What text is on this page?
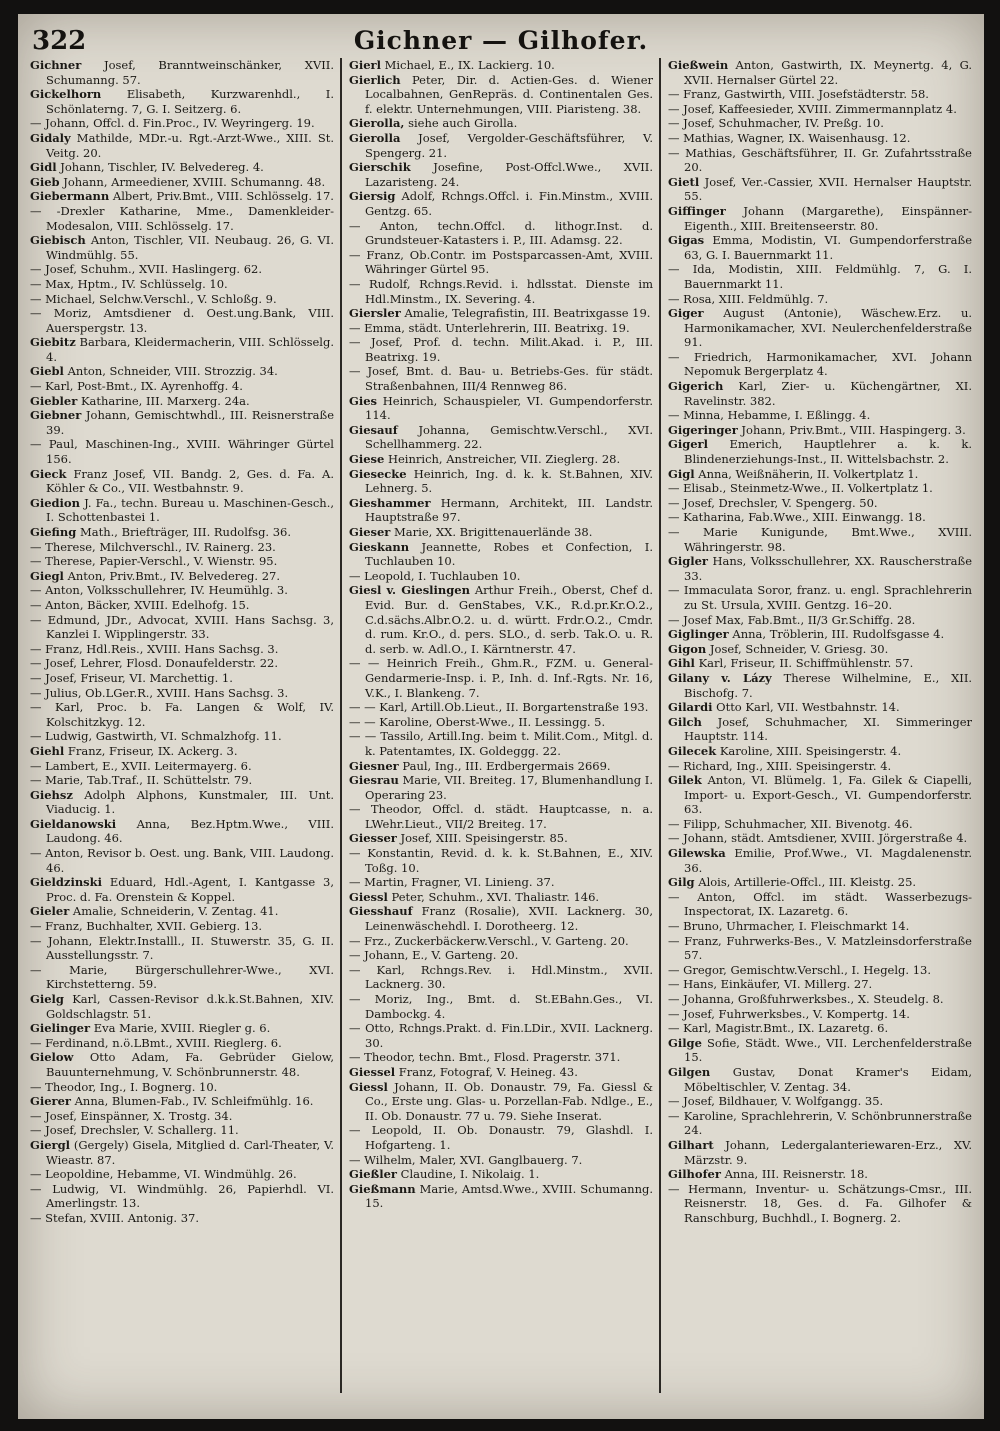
322	Gichner — Gilhofer.

Gichner Josef, Branntweinschänker, XVII. Schumanng. 57.

Gickelhorn Elisabeth, Kurzwarenhdl., I. Schönlaterng. 7, G. I. Seitzerg. 6.

— Johann, Offcl. d. Fin.Proc., IV. Weyringerg. 19.

Gidaly Mathilde, MDr.-u. Rgt.-Arzt-Wwe., XIII. St. Veitg. 20.

Gidl Johann, Tischler, IV. Belvedereg. 4.

Gieb Johann, Armeediener, XVIII. Schumanng. 48.

Giebermann Albert, Priv.Bmt., VIII. Schlösselg. 17.

— -Drexler Katharine, Mme., Damenkleider-Modesalon, VIII. Schlösselg. 17.

Giebisch Anton, Tischler, VII. Neubaug. 26, G. VI. Windmühlg. 55.

— Josef, Schuhm., XVII. Haslingerg. 62.

— Max, Hptm., IV. Schlüsselg. 10.

— Michael, Selchw.Verschl., V. Schloßg. 9.

— Moriz, Amtsdiener d. Oest.ung.Bank, VIII. Auerspergstr. 13.

Giebitz Barbara, Kleidermacherin, VIII. Schlösselg. 4.

Giebl Anton, Schneider, VIII. Strozzig. 34.

— Karl, Post-Bmt., IX. Ayrenhoffg. 4.

Giebler Katharine, III. Marxerg. 24a.

Giebner Johann, Gemischtwhdl., III. Reisnerstraße 39.

— Paul, Maschinen-Ing., XVIII. Währinger Gürtel 156.

Gieck Franz Josef, VII. Bandg. 2, Ges. d. Fa. A. Köhler & Co., VII. Westbahnstr. 9.

Giedion J. Fa., techn. Bureau u. Maschinen-Gesch., I. Schottenbastei 1.

Giefing Math., Briefträger, III. Rudolfsg. 36.

— Therese, Milchverschl., IV. Rainerg. 23.

— Therese, Papier-Verschl., V. Wienstr. 95.

Giegl Anton, Priv.Bmt., IV. Belvedereg. 27.

— Anton, Volksschullehrer, IV. Heumühlg. 3.

— Anton, Bäcker, XVIII. Edelhofg. 15.

— Edmund, JDr., Advocat, XVIII. Hans Sachsg. 3, Kanzlei I. Wipplingerstr. 33.

— Franz, Hdl.Reis., XVIII. Hans Sachsg. 3.

— Josef, Lehrer, Flosd. Donaufelderstr. 22.

— Josef, Friseur, VI. Marchettig. 1.

— Julius, Ob.LGer.R., XVIII. Hans Sachsg. 3.

— Karl, Proc. b. Fa. Langen & Wolf, IV. Kolschitzkyg. 12.

— Ludwig, Gastwirth, VI. Schmalzhofg. 11.

Giehl Franz, Friseur, IX. Ackerg. 3.

— Lambert, E., XVII. Leitermayerg. 6.

— Marie, Tab.Traf., II. Schüttelstr. 79.

Giehsz Adolph Alphons, Kunstmaler, III. Unt. Viaducig. 1.

Gieldanowski Anna, Bez.Hptm.Wwe., VIII. Laudong. 46.

— Anton, Revisor b. Oest. ung. Bank, VIII. Laudong. 46.

Gieldzinski Eduard, Hdl.-Agent, I. Kantgasse 3, Proc. d. Fa. Orenstein & Koppel.

Gieler Amalie, Schneiderin, V. Zentag. 41.

— Franz, Buchhalter, XVII. Gebierg. 13.

— Johann, Elektr.Installl., II. Stuwerstr. 35, G. II. Ausstellungsstr. 7.

— Marie, Bürgerschullehrer-Wwe., XVI. Kirchstetterng. 59.

Gielg Karl, Cassen-Revisor d.k.k.St.Bahnen, XIV. Goldschlagstr. 51.

Gielinger Eva Marie, XVIII. Riegler g. 6.

— Ferdinand, n.ö.LBmt., XVIII. Rieglerg. 6.

Gielow Otto Adam, Fa. Gebrüder Gielow, Bauunternehmung, V. Schönbrunnerstr. 48.

— Theodor, Ing., I. Bognerg. 10.

Gierer Anna, Blumen-Fab., IV. Schleifmühlg. 16.

— Josef, Einspänner, X. Trostg. 34.

— Josef, Drechsler, V. Schallerg. 11.

Giergl (Gergely) Gisela, Mitglied d. Carl-Theater, V. Wieastr. 87.

— Leopoldine, Hebamme, VI. Windmühlg. 26.

— Ludwig, VI. Windmühlg. 26, Papierhdl. VI. Amerlingstr. 13.

— Stefan, XVIII. Antonig. 37.

Gierl Michael, E., IX. Lackierg. 10.

Gierlich Peter, Dir. d. Actien-Ges. d. Wiener Localbahnen, GenRepräs. d. Continentalen Ges. f. elektr. Unternehmungen, VIII. Piaristeng. 38.

Gierolla, siehe auch Girolla.

Gierolla Josef, Vergolder-Geschäftsführer, V. Spengerg. 21.

Gierschik Josefine, Post-Offcl.Wwe., XVII. Lazaristeng. 24.

Giersig Adolf, Rchngs.Offcl. i. Fin.Minstm., XVIII. Gentzg. 65.

— Anton, techn.Offcl. d. lithogr.Inst. d. Grundsteuer-Katasters i. P., III. Adamsg. 22.

— Franz, Ob.Contr. im Postsparcassen-Amt, XVIII. Währinger Gürtel 95.

— Rudolf, Rchngs.Revid. i. hdlsstat. Dienste im Hdl.Minstm., IX. Severing. 4.

Giersler Amalie, Telegrafistin, III. Beatrixgasse 19.

— Emma, städt. Unterlehrerin, III. Beatrixg. 19.

— Josef, Prof. d. techn. Milit.Akad. i. P., III. Beatrixg. 19.

— Josef, Bmt. d. Bau- u. Betriebs-Ges. für städt. Straßenbahnen, III/4 Rennweg 86.

Gies Heinrich, Schauspieler, VI. Gumpendorferstr. 114.

Giesauf Johanna, Gemischtw.Verschl., XVI. Schellhammerg. 22.

Giese Heinrich, Anstreicher, VII. Zieglerg. 28.

Giesecke Heinrich, Ing. d. k. k. St.Bahnen, XIV. Lehnerg. 5.

Gieshammer Hermann, Architekt, III. Landstr. Hauptstraße 97.

Gieser Marie, XX. Brigittenauerlände 38.

Gieskann Jeannette, Robes et Confection, I. Tuchlauben 10.

— Leopold, I. Tuchlauben 10.

Giesl v. Gieslingen Arthur Freih., Oberst, Chef d. Evid. Bur. d. GenStabes, V.K., R.d.pr.Kr.O.2., C.d.sächs.Albr.O.2. u. d. württ. Frdr.O.2., Cmdr. d. rum. Kr.O., d. pers. SLO., d. serb. Tak.O. u. R. d. serb. w. Adl.O., I. Kärntnerstr. 47.

— — Heinrich Freih., Ghm.R., FZM. u. General-Gendarmerie-Insp. i. P., Inh. d. Inf.-Rgts. Nr. 16, V.K., I. Blankeng. 7.

— — Karl, Artill.Ob.Lieut., II. Borgartenstraße 193.

— — Karoline, Oberst-Wwe., II. Lessingg. 5.

— — Tassilo, Artill.Ing. beim t. Milit.Com., Mitgl. d. k. Patentamtes, IX. Goldeggg. 22.

Giesner Paul, Ing., III. Erdbergermais 2669.

Giesrau Marie, VII. Breiteg. 17, Blumenhandlung I. Operaring 23.

— Theodor, Offcl. d. städt. Hauptcasse, n. a. LWehr.Lieut., VII/2 Breiteg. 17.

Giesser Josef, XIII. Speisingerstr. 85.

— Konstantin, Revid. d. k. k. St.Bahnen, E., XIV. Toßg. 10.

— Martin, Fragner, VI. Linieng. 37.

Giessl Peter, Schuhm., XVI. Thaliastr. 146.

Giesshauf Franz (Rosalie), XVII. Lacknerg. 30, Leinenwäschehdl. I. Dorotheerg. 12.

— Frz., Zuckerbäckerw.Verschl., V. Garteng. 20.

— Johann, E., V. Garteng. 20.

— Karl, Rchngs.Rev. i. Hdl.Minstm., XVII. Lacknerg. 30.

— Moriz, Ing., Bmt. d. St.EBahn.Ges., VI. Dambockg. 4.

— Otto, Rchngs.Prakt. d. Fin.LDir., XVII. Lacknerg. 30.

— Theodor, techn. Bmt., Flosd. Pragerstr. 371.

Giessel Franz, Fotograf, V. Heineg. 43.

Giessl Johann, II. Ob. Donaustr. 79, Fa. Giessl & Co., Erste ung. Glas- u. Porzellan-Fab. Ndlge., E., II. Ob. Donaustr. 77 u. 79. Siehe Inserat.

— Leopold, II. Ob. Donaustr. 79, Glashdl. I. Hofgarteng. 1.

— Wilhelm, Maler, XVI. Ganglbauerg. 7.

Gießler Claudine, I. Nikolaig. 1.

Gießmann Marie, Amtsd.Wwe., XVIII. Schumanng. 15.

Gießwein Anton, Gastwirth, IX. Meynertg. 4, G. XVII. Hernalser Gürtel 22.

— Franz, Gastwirth, VIII. Josefstädterstr. 58.

— Josef, Kaffeesieder, XVIII. Zimmermannplatz 4.

— Josef, Schuhmacher, IV. Preßg. 10.

— Mathias, Wagner, IX. Waisenhausg. 12.

— Mathias, Geschäftsführer, II. Gr. Zufahrtsstraße 20.

Gietl Josef, Ver.-Cassier, XVII. Hernalser Hauptstr. 55.

Giffinger Johann (Margarethe), Einspänner-Eigenth., XIII. Breitenseerstr. 80.

Gigas Emma, Modistin, VI. Gumpendorferstraße 63, G. I. Bauernmarkt 11.

— Ida, Modistin, XIII. Feldmühlg. 7, G. I. Bauernmarkt 11.

— Rosa, XIII. Feldmühlg. 7.

Giger August (Antonie), Wäschew.Erz. u. Harmonikamacher, XVI. Neulerchenfelderstraße 91.

— Friedrich, Harmonikamacher, XVI. Johann Nepomuk Bergerplatz 4.

Gigerich Karl, Zier- u. Küchengärtner, XI. Ravelinstr. 382.

— Minna, Hebamme, I. Eßlingg. 4.

Gigeringer Johann, Priv.Bmt., VIII. Haspingerg. 3.

Gigerl Emerich, Hauptlehrer a. k. k. Blindenerziehungs-Inst., II. Wittelsbachstr. 2.

Gigl Anna, Weißnäherin, II. Volkertplatz 1.

— Elisab., Steinmetz-Wwe., II. Volkertplatz 1.

— Josef, Drechsler, V. Spengerg. 50.

— Katharina, Fab.Wwe., XIII. Einwangg. 18.

— Marie Kunigunde, Bmt.Wwe., XVIII. Währingerstr. 98.

Gigler Hans, Volksschullehrer, XX. Rauscherstraße 33.

— Immaculata Soror, franz. u. engl. Sprachlehrerin zu St. Ursula, XVIII. Gentzg. 16–20.

— Josef Max, Fab.Bmt., II/3 Gr.Schiffg. 28.

Giglinger Anna, Tröblerin, III. Rudolfsgasse 4.

Gigon Josef, Schneider, V. Griesg. 30.

Gihl Karl, Friseur, II. Schiffmühlenstr. 57.

Gilany v. Lázy Therese Wilhelmine, E., XII. Bischofg. 7.

Gilardi Otto Karl, VII. Westbahnstr. 14.

Gilch Josef, Schuhmacher, XI. Simmeringer Hauptstr. 114.

Gilecek Karoline, XIII. Speisingerstr. 4.

— Richard, Ing., XIII. Speisingerstr. 4.

Gilek Anton, VI. Blümelg. 1, Fa. Gilek & Ciapelli, Import- u. Export-Gesch., VI. Gumpendorferstr. 63.

— Filipp, Schuhmacher, XII. Bivenotg. 46.

— Johann, städt. Amtsdiener, XVIII. Jörgerstraße 4.

Gilewska Emilie, Prof.Wwe., VI. Magdalenenstr. 36.

Gilg Alois, Artillerie-Offcl., III. Kleistg. 25.

— Anton, Offcl. im städt. Wasserbezugs-Inspectorat, IX. Lazaretg. 6.

— Bruno, Uhrmacher, I. Fleischmarkt 14.

— Franz, Fuhrwerks-Bes., V. Matzleinsdorferstraße 57.

— Gregor, Gemischtw.Verschl., I. Hegelg. 13.

— Hans, Einkäufer, VI. Millerg. 27.

— Johanna, Großfuhrwerksbes., X. Steudelg. 8.

— Josef, Fuhrwerksbes., V. Kompertg. 14.

— Karl, Magistr.Bmt., IX. Lazaretg. 6.

Gilge Sofie, Städt. Wwe., VII. Lerchenfelderstraße 15.

Gilgen Gustav, Donat Kramer's Eidam, Möbeltischler, V. Zentag. 34.

— Josef, Bildhauer, V. Wolfgangg. 35.

— Karoline, Sprachlehrerin, V. Schönbrunnerstraße 24.

Gilhart Johann, Ledergalanteriewaren-Erz., XV. Märzstr. 9.

Gilhofer Anna, III. Reisnerstr. 18.

— Hermann, Inventur- u. Schätzungs-Cmsr., III. Reisnerstr. 18, Ges. d. Fa. Gilhofer & Ranschburg, Buchhdl., I. Bognerg. 2.
